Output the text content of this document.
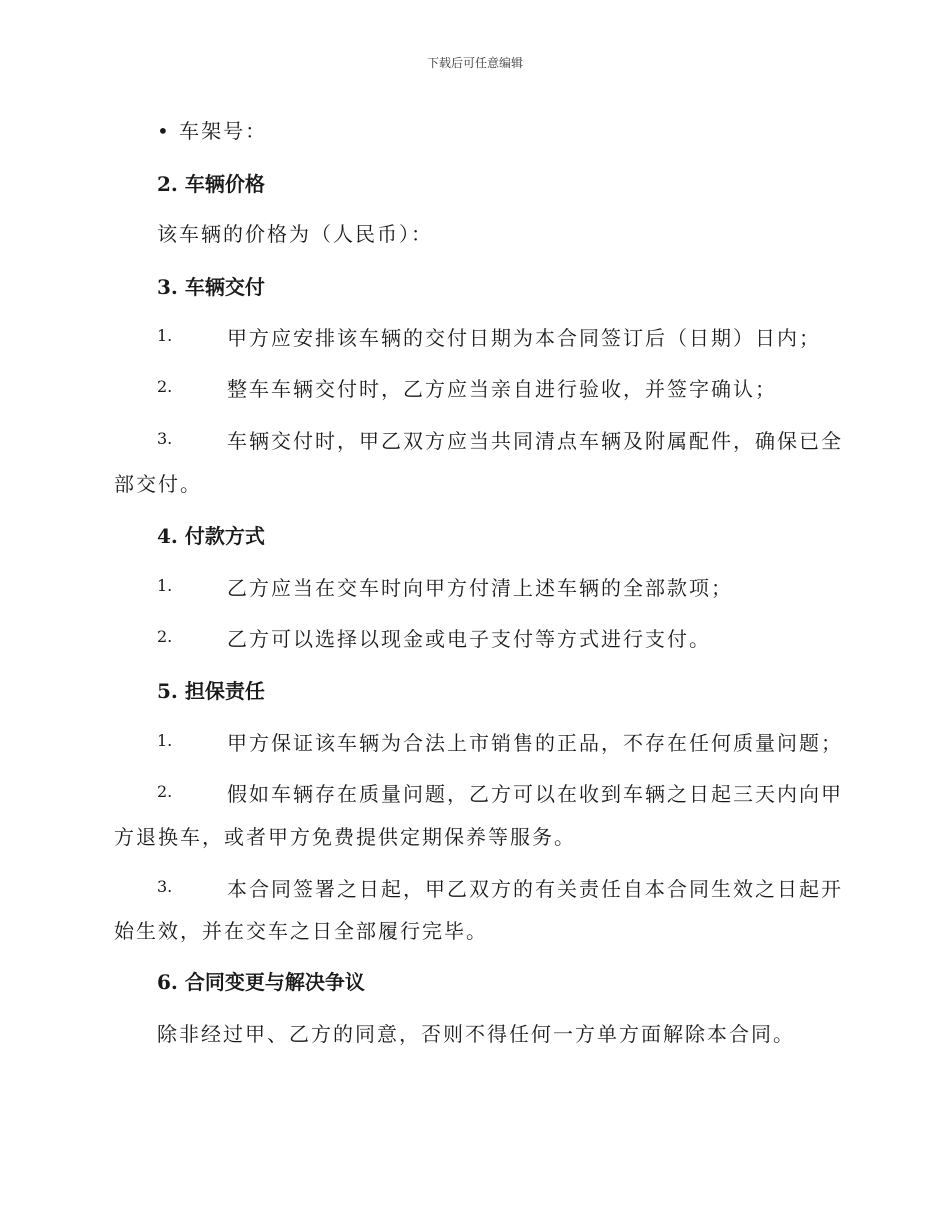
下载后可任意编辑
• 车架号：
2. 车辆价格
该车辆的价格为（人民币）：
3. 车辆交付
1.	甲方应安排该车辆的交付日期为本合同签订后（日期）日内；
2.	整车车辆交付时，乙方应当亲自进行验收，并签字确认；
3.	车辆交付时，甲乙双方应当共同清点车辆及附属配件，确保已全
部交付。
4. 付款方式
1.	乙方应当在交车时向甲方付清上述车辆的全部款项；
2.	乙方可以选择以现金或电子支付等方式进行支付。
5. 担保责任
1.	甲方保证该车辆为合法上市销售的正品，不存在任何质量问题；
2.	假如车辆存在质量问题，乙方可以在收到车辆之日起三天内向甲
方退换车，或者甲方免费提供定期保养等服务。
3.	本合同签署之日起，甲乙双方的有关责任自本合同生效之日起开
始生效，并在交车之日全部履行完毕。
6. 合同变更与解决争议
除非经过甲、乙方的同意，否则不得任何一方单方面解除本合同。
